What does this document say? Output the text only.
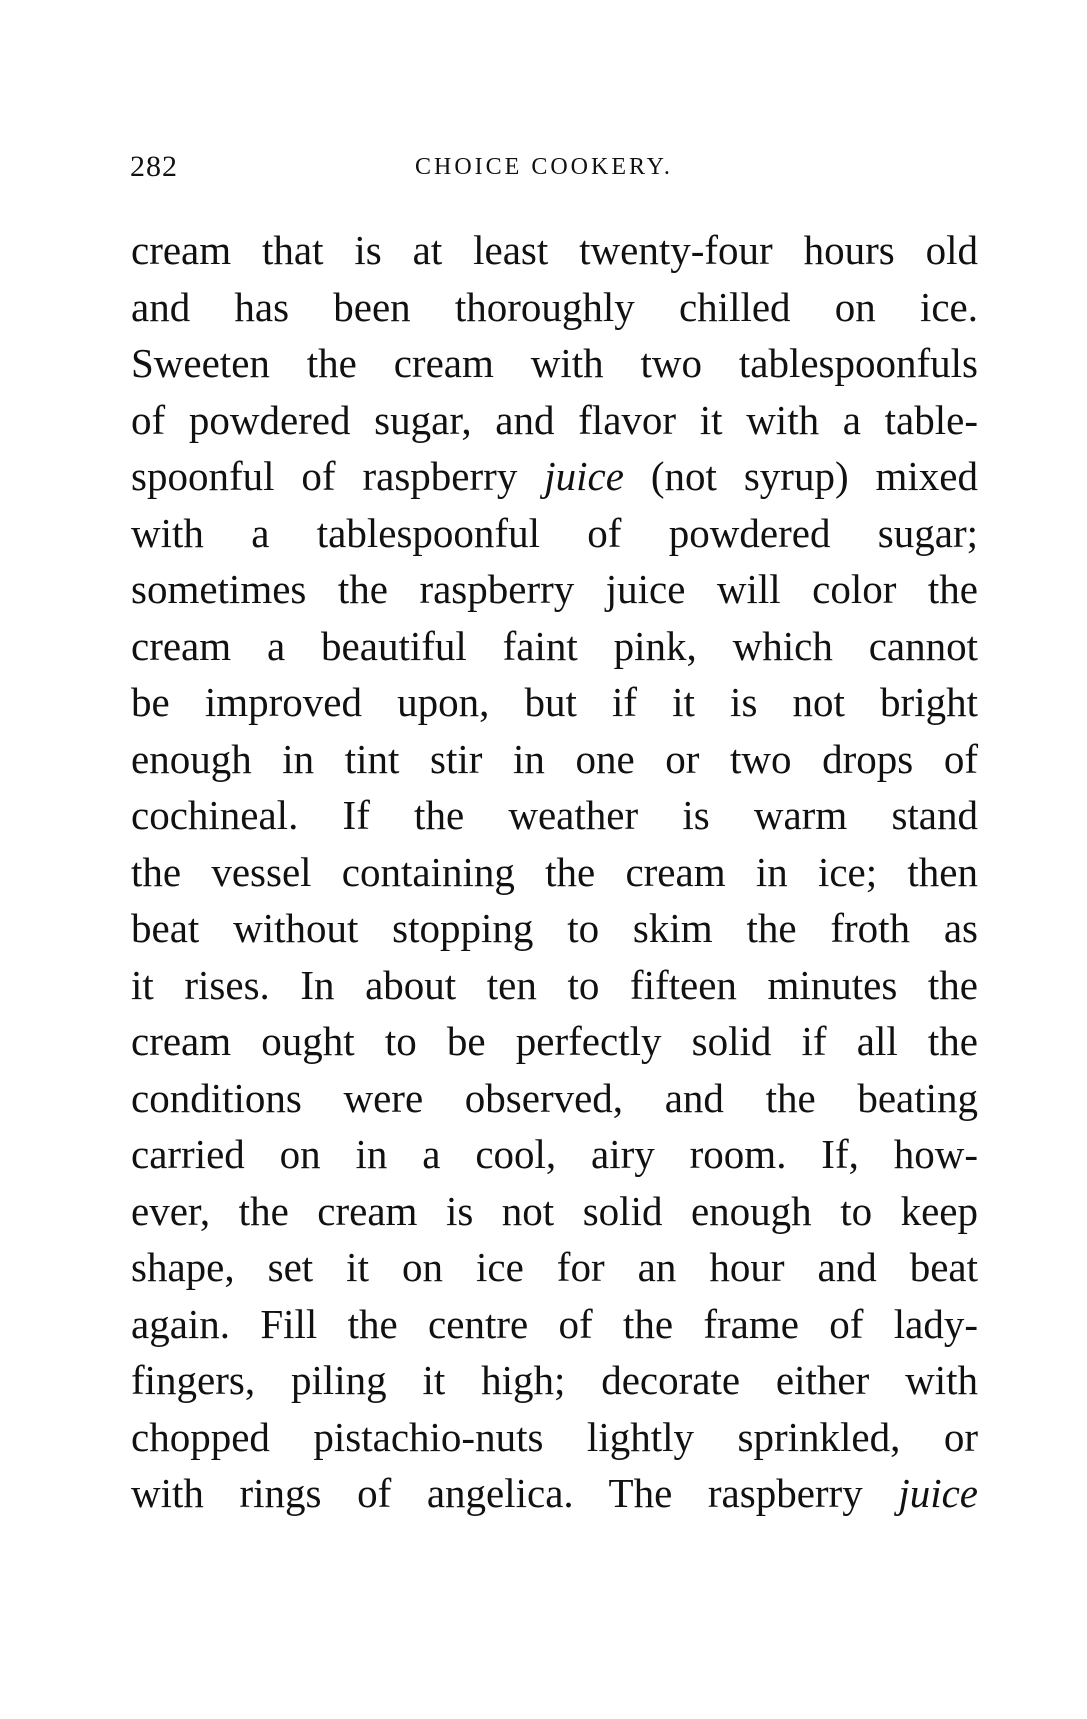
282	CHOICE COOKERY.
cream that is at least twenty-four hours old
and has been thoroughly chilled on ice.
Sweeten the cream with two tablespoonfuls
of powdered sugar, and flavor it with a table-
spoonful of raspberry juice (not syrup) mixed
with a tablespoonful of powdered sugar;
sometimes the raspberry juice will color the
cream a beautiful faint pink, which cannot
be improved upon, but if it is not bright
enough in tint stir in one or two drops of
cochineal. If the weather is warm stand
the vessel containing the cream in ice; then
beat without stopping to skim the froth as
it rises. In about ten to fifteen minutes the
cream ought to be perfectly solid if all the
conditions were observed, and the beating
carried on in a cool, airy room. If, how-
ever, the cream is not solid enough to keep
shape, set it on ice for an hour and beat
again. Fill the centre of the frame of lady-
fingers, piling it high; decorate either with
chopped pistachio-nuts lightly sprinkled, or
with rings of angelica. The raspberry juice
